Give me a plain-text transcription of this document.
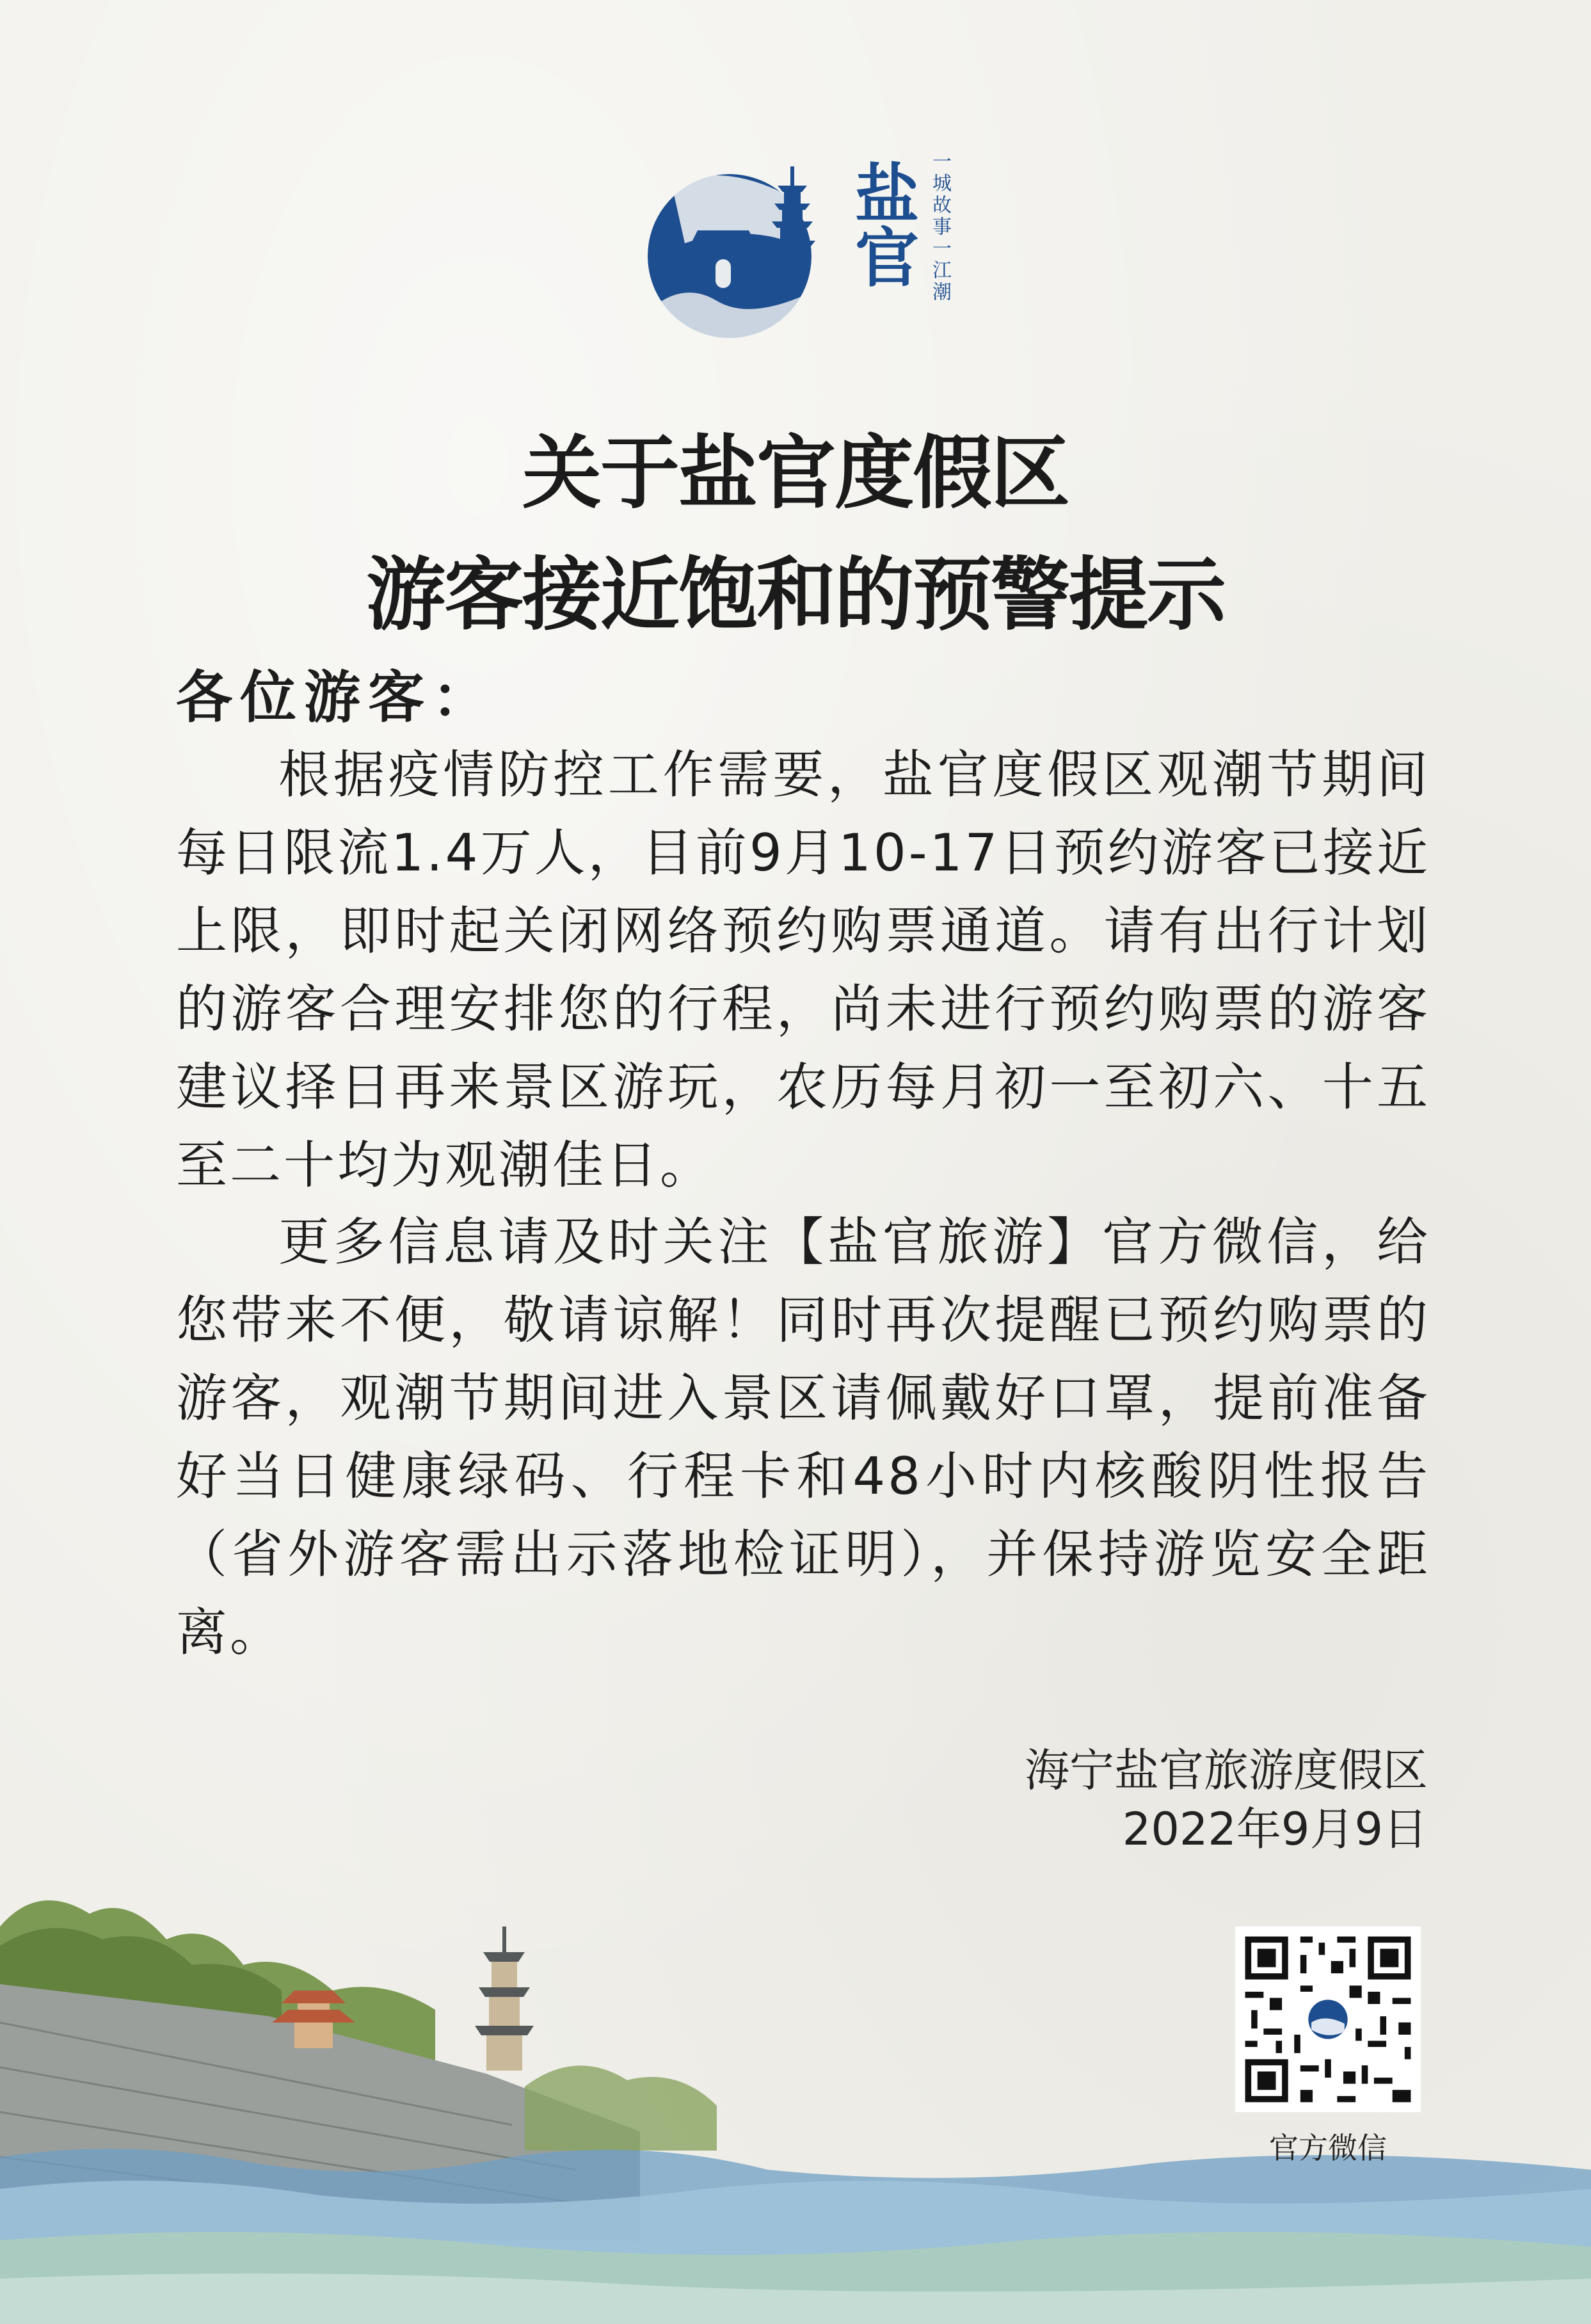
盐官 一城故事一江潮
关于盐官度假区
游客接近饱和的预警提示
各位游客：

根据疫情防控工作需要，盐官度假区观潮节期间每日限流1.4万人，目前9月10-17日预约游客已接近上限，即时起关闭网络预约购票通道。请有出行计划的游客合理安排您的行程，尚未进行预约购票的游客建议择日再来景区游玩，农历每月初一至初六、十五至二十均为观潮佳日。

更多信息请及时关注【盐官旅游】官方微信，给您带来不便，敬请谅解！同时再次提醒已预约购票的游客，观潮节期间进入景区请佩戴好口罩，提前准备好当日健康绿码、行程卡和48小时内核酸阴性报告（省外游客需出示落地检证明），并保持游览安全距离。

海宁盐官旅游度假区
2022年9月9日
官方微信
